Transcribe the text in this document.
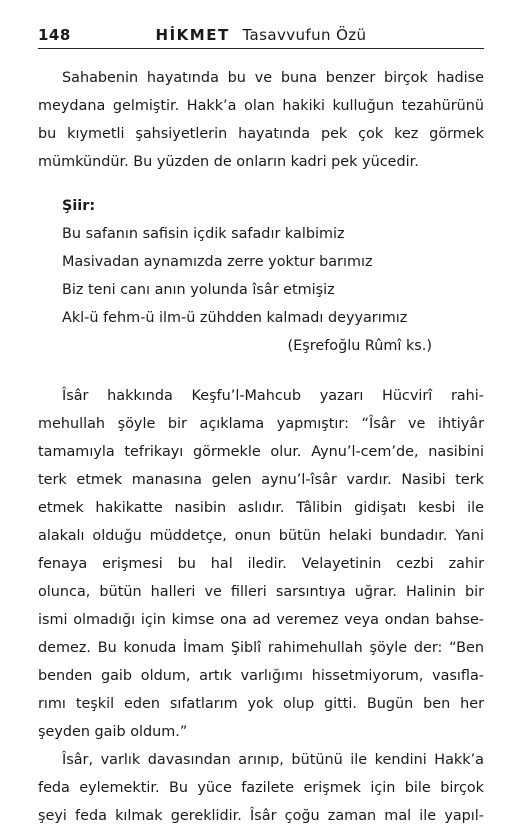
148	HİKMET Tasavvufun Özü
Sahabenin hayatında bu ve buna benzer birçok hadise
meydana gelmiştir. Hakk’a olan hakiki kulluğun tezahürünü
bu kıymetli şahsiyetlerin hayatında pek çok kez görmek
mümkündür. Bu yüzden de onların kadri pek yücedir.
Şiir:
Bu safanın safisin içdik safadır kalbimiz
Masivadan aynamızda zerre yoktur barımız
Biz teni canı anın yolunda îsâr etmişiz
Akl-ü fehm-ü ilm-ü zühdden kalmadı deyyarımız
(Eşrefoğlu Rûmî ks.)
Îsâr hakkında Keşfu’l-Mahcub yazarı Hücvirî rahi-
mehullah şöyle bir açıklama yapmıştır: “Îsâr ve ihtiyâr
tamamıyla tefrikayı görmekle olur. Aynu’l-cem’de, nasibini
terk etmek manasına gelen aynu’l-îsâr vardır. Nasibi terk
etmek hakikatte nasibin aslıdır. Tâlibin gidişatı kesbi ile
alakalı olduğu müddetçe, onun bütün helaki bundadır. Yani
fenaya erişmesi bu hal iledir. Velayetinin cezbi zahir
olunca, bütün halleri ve filleri sarsıntıya uğrar. Halinin bir
ismi olmadığı için kimse ona ad veremez veya ondan bahse-
demez. Bu konuda İmam Şiblî rahimehullah şöyle der: “Ben
benden gaib oldum, artık varlığımı hissetmiyorum, vasıfla-
rımı teşkil eden sıfatlarım yok olup gitti. Bugün ben her
şeyden gaib oldum.”
Îsâr, varlık davasından arınıp, bütünü ile kendini Hakk’a
feda eylemektir. Bu yüce fazilete erişmek için bile birçok
şeyi feda kılmak gereklidir. Îsâr çoğu zaman mal ile yapıl-
